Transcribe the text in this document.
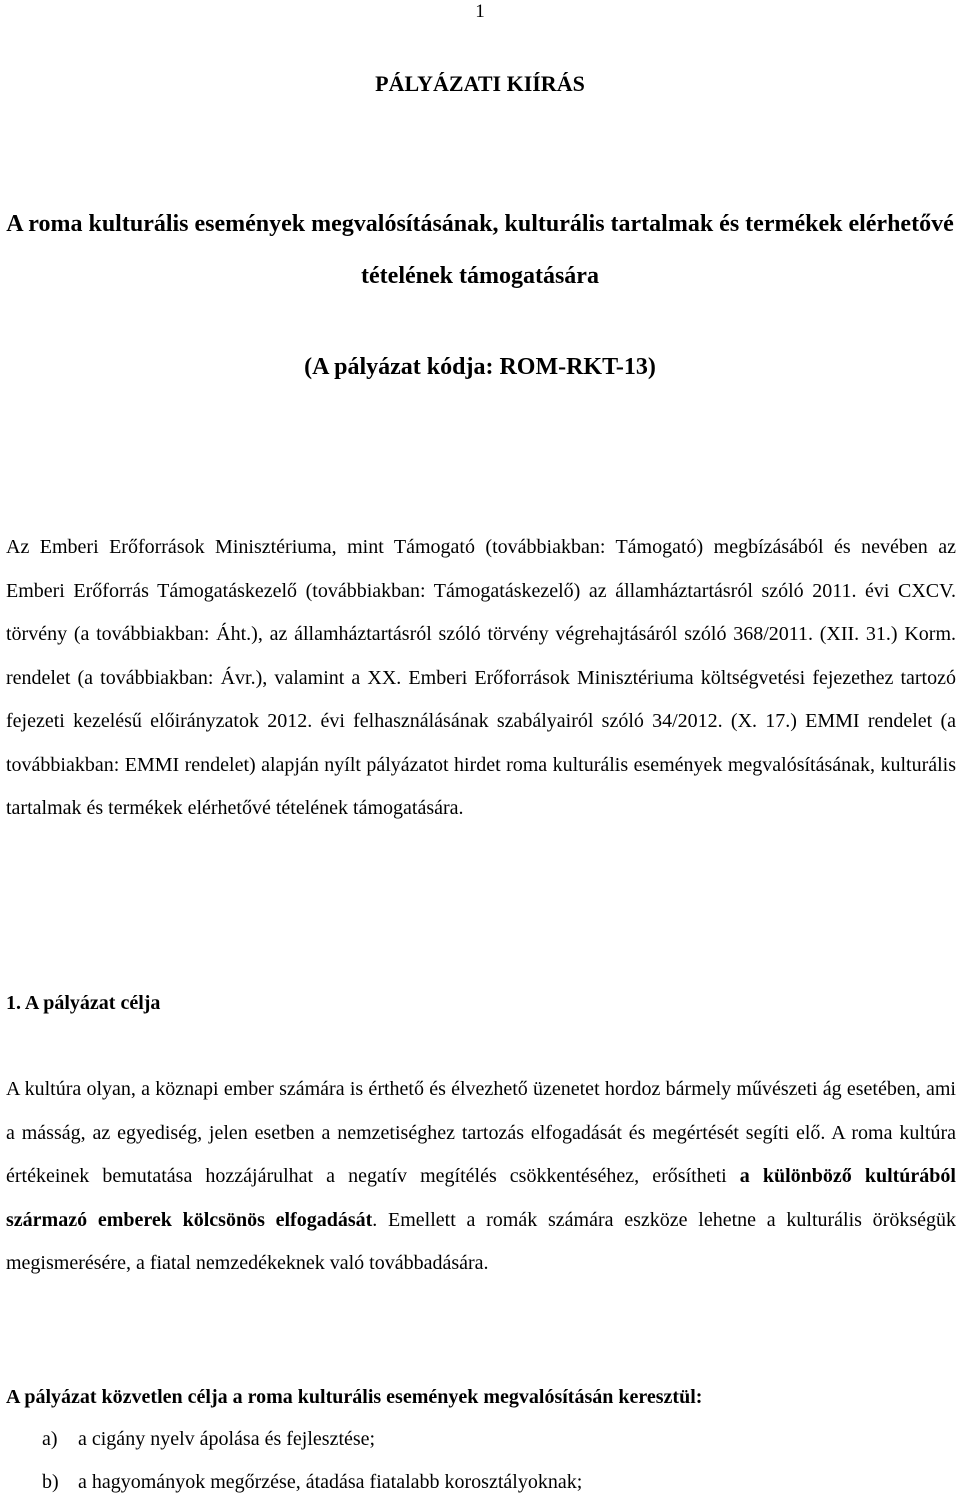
1
PÁLYÁZATI KIÍRÁS
A roma kulturális események megvalósításának, kulturális tartalmak és termékek elérhetővé tételének támogatására
(A pályázat kódja: ROM-RKT-13)

Az Emberi Erőforrások Minisztériuma, mint Támogató (továbbiakban: Támogató) megbízásából és nevében az Emberi Erőforrás Támogatáskezelő (továbbiakban: Támogatáskezelő) az államháztartásról szóló 2011. évi CXCV. törvény (a továbbiakban: Áht.), az államháztartásról szóló törvény végrehajtásáról szóló 368/2011. (XII. 31.) Korm. rendelet (a továbbiakban: Ávr.), valamint a XX. Emberi Erőforrások Minisztériuma költségvetési fejezethez tartozó fejezeti kezelésű előirányzatok 2012. évi felhasználásának szabályairól szóló 34/2012. (X. 17.) EMMI rendelet (a továbbiakban: EMMI rendelet) alapján nyílt pályázatot hirdet roma kulturális események megvalósításának, kulturális tartalmak és termékek elérhetővé tételének támogatására.

1. A pályázat célja

A kultúra olyan, a köznapi ember számára is érthető és élvezhető üzenetet hordoz bármely művészeti ág esetében, ami a másság, az egyediség, jelen esetben a nemzetiséghez tartozás elfogadását és megértését segíti elő. A roma kultúra értékeinek bemutatása hozzájárulhat a negatív megítélés csökkentéséhez, erősítheti a különböző kultúrából származó emberek kölcsönös elfogadását. Emellett a romák számára eszköze lehetne a kulturális örökségük megismerésére, a fiatal nemzedékeknek való továbbadására.

A pályázat közvetlen célja a roma kulturális események megvalósításán keresztül:
a) a cigány nyelv ápolása és fejlesztése;
b) a hagyományok megőrzése, átadása fiatalabb korosztályoknak;
